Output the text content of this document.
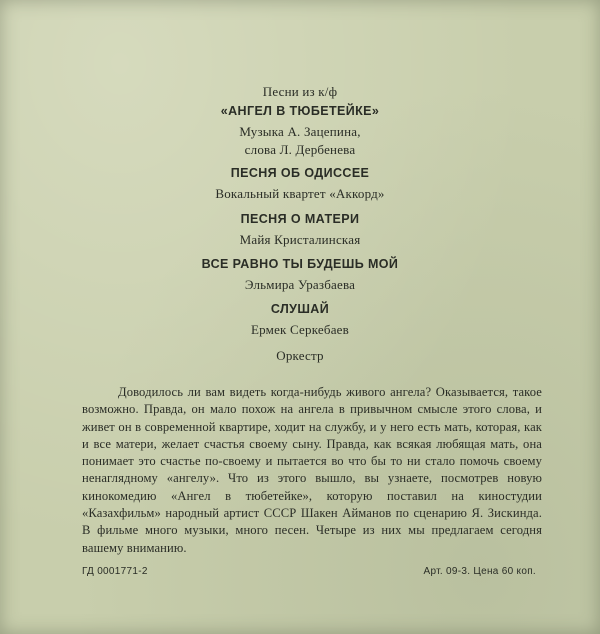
Песни из к/ф
«АНГЕЛ В ТЮБЕТЕЙКЕ»
Музыка А. Зацепина,
слова Л. Дербенева
ПЕСНЯ ОБ ОДИССЕЕ
Вокальный квартет «Аккорд»
ПЕСНЯ О МАТЕРИ
Майя Кристалинская
ВСЕ РАВНО ТЫ БУДЕШЬ МОЙ
Эльмира Уразбаева
СЛУШАЙ
Ермек Серкебаев
Оркестр
Доводилось ли вам видеть когда-нибудь живого ангела? Оказывается, такое возможно. Правда, он мало похож на ангела в привычном смысле этого слова, и живет он в современной квартире, ходит на службу, и у него есть мать, которая, как и все матери, желает счастья своему сыну. Правда, как всякая любящая мать, она понимает это счастье по-своему и пытается во что бы то ни стало помочь своему ненаглядному «ангелу». Что из этого вышло, вы узнаете, посмотрев новую кинокомедию «Ангел в тюбетейке», которую поставил на киностудии «Казахфильм» народный артист СССР Шакен Айманов по сценарию Я. Зискинда. В фильме много музыки, много песен. Четыре из них мы предлагаем сегодня вашему вниманию.
ГД 0001771-2	Арт. 09-3. Цена 60 коп.
